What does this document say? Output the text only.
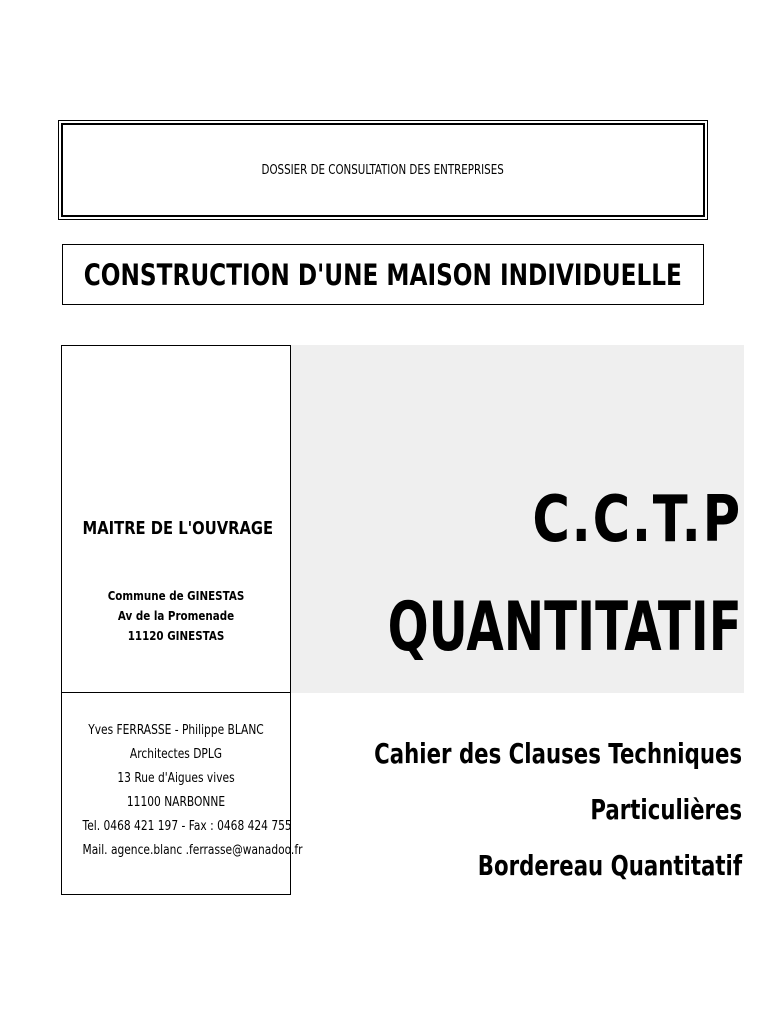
DOSSIER DE CONSULTATION DES ENTREPRISES
CONSTRUCTION D'UNE MAISON INDIVIDUELLE
MAITRE DE L'OUVRAGE
Commune de GINESTAS
Av de la Promenade
11120 GINESTAS
Yves FERRASSE - Philippe BLANC
Architectes DPLG
13 Rue d'Aigues vives
11100 NARBONNE
Tel. 0468 421 197 - Fax : 0468 424 755
Mail. agence.blanc .ferrasse@wanadoo.fr
C.C.T.P
QUANTITATIF
Cahier des Clauses Techniques
Particulières
Bordereau Quantitatif
